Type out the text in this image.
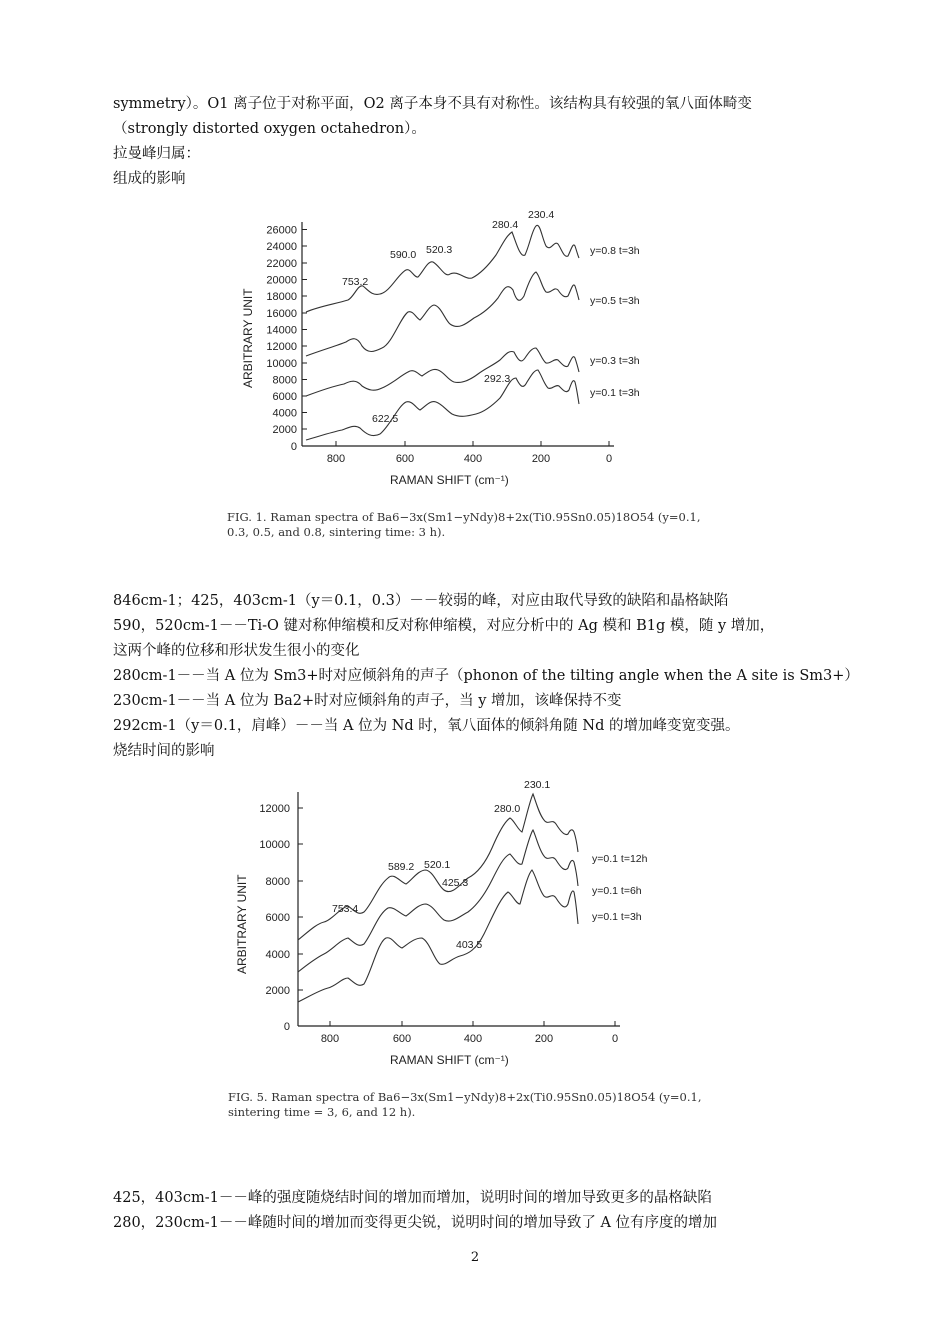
symmetry）。O1 离子位于对称平面，O2 离子本身不具有对称性。该结构具有较强的氧八面体畸变
（strongly distorted oxygen octahedron）。
拉曼峰归属：
组成的影响
0
2000
4000
6000
8000
10000
12000
14000
16000
18000
20000
22000
24000
26000
800	600	400	200	0
RAMAN SHIFT (cm⁻¹)
ARBITRARY UNIT
753.2
590.0 520.3
280.4
230.4
292.3
622.5
y=0.8 t=3h
y=0.5 t=3h
y=0.3 t=3h
y=0.1 t=3h
FIG. 1. Raman spectra of Ba6−3x(Sm1−yNdy)8+2x(Ti0.95Sn0.05)18O54 (y=0.1,
0.3, 0.5, and 0.8, sintering time: 3 h).
846cm-1；425，403cm-1（y＝0.1，0.3）－－较弱的峰，对应由取代导致的缺陷和晶格缺陷
590，520cm-1－－Ti-O 键对称伸缩模和反对称伸缩模，对应分析中的 Ag 模和 B1g 模，随 y 增加，
这两个峰的位移和形状发生很小的变化
280cm-1－－当 A 位为 Sm3+时对应倾斜角的声子（phonon of the tilting angle when the A site is Sm3+）
230cm-1－－当 A 位为 Ba2+时对应倾斜角的声子，当 y 增加，该峰保持不变
292cm-1（y＝0.1，肩峰）－－当 A 位为 Nd 时，氧八面体的倾斜角随 Nd 的增加峰变宽变强。
烧结时间的影响
0
2000
4000
6000
8000
10000
12000
800	600	400	200	0
RAMAN SHIFT (cm⁻¹)
ARBITRARY UNIT
230.1
280.0
589.2 520.1
425.3
753.4
403.5
y=0.1 t=12h
y=0.1 t=6h
y=0.1 t=3h
FIG. 5. Raman spectra of Ba6−3x(Sm1−yNdy)8+2x(Ti0.95Sn0.05)18O54 (y=0.1,
sintering time = 3, 6, and 12 h).
425，403cm-1－－峰的强度随烧结时间的增加而增加，说明时间的增加导致更多的晶格缺陷
280，230cm-1－－峰随时间的增加而变得更尖锐，说明时间的增加导致了 A 位有序度的增加
2
